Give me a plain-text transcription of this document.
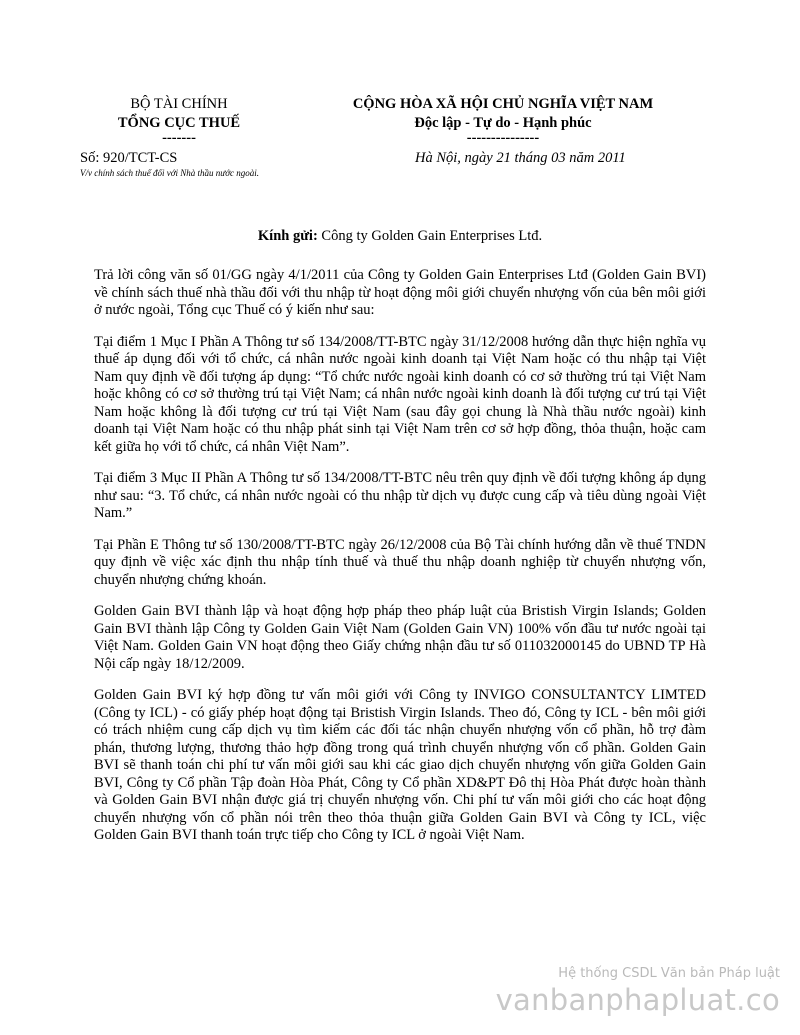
BỘ TÀI CHÍNH
TỔNG CỤC THUẾ
-------
CỘNG HÒA XÃ HỘI CHỦ NGHĨA VIỆT NAM
Độc lập - Tự do - Hạnh phúc
---------------
Số: 920/TCT-CS	Hà Nội, ngày 21 tháng 03 năm 2011
V/v chính sách thuế đối với Nhà thầu nước ngoài.
Kính gửi: Công ty Golden Gain Enterprises Ltđ.

Trả lời công văn số 01/GG ngày 4/1/2011 của Công ty Golden Gain Enterprises Ltđ (Golden Gain BVI) về chính sách thuế nhà thầu đối với thu nhập từ hoạt động môi giới chuyển nhượng vốn của bên môi giới ở nước ngoài, Tổng cục Thuế có ý kiến như sau:

Tại điểm 1 Mục I Phần A Thông tư số 134/2008/TT-BTC ngày 31/12/2008 hướng dẫn thực hiện nghĩa vụ thuế áp dụng đối với tổ chức, cá nhân nước ngoài kinh doanh tại Việt Nam hoặc có thu nhập tại Việt Nam quy định về đối tượng áp dụng: “Tổ chức nước ngoài kinh doanh có cơ sở thường trú tại Việt Nam hoặc không có cơ sở thường trú tại Việt Nam; cá nhân nước ngoài kinh doanh là đối tượng cư trú tại Việt Nam hoặc không là đối tượng cư trú tại Việt Nam (sau đây gọi chung là Nhà thầu nước ngoài) kinh doanh tại Việt Nam hoặc có thu nhập phát sinh tại Việt Nam trên cơ sở hợp đồng, thỏa thuận, hoặc cam kết giữa họ với tổ chức, cá nhân Việt Nam”.

Tại điểm 3 Mục II Phần A Thông tư số 134/2008/TT-BTC nêu trên quy định về đối tượng không áp dụng như sau: “3. Tổ chức, cá nhân nước ngoài có thu nhập từ dịch vụ được cung cấp và tiêu dùng ngoài Việt Nam.”

Tại Phần E Thông tư số 130/2008/TT-BTC ngày 26/12/2008 của Bộ Tài chính hướng dẫn về thuế TNDN quy định về việc xác định thu nhập tính thuế và thuế thu nhập doanh nghiệp từ chuyển nhượng vốn, chuyển nhượng chứng khoán.

Golden Gain BVI thành lập và hoạt động hợp pháp theo pháp luật của Bristish Virgin Islands; Golden Gain BVI thành lập Công ty Golden Gain Việt Nam (Golden Gain VN) 100% vốn đầu tư nước ngoài tại Việt Nam. Golden Gain VN hoạt động theo Giấy chứng nhận đầu tư số 011032000145 do UBND TP Hà Nội cấp ngày 18/12/2009.

Golden Gain BVI ký hợp đồng tư vấn môi giới với Công ty INVIGO CONSULTANTCY LIMTED (Công ty ICL) - có giấy phép hoạt động tại Bristish Virgin Islands. Theo đó, Công ty ICL - bên môi giới có trách nhiệm cung cấp dịch vụ tìm kiếm các đối tác nhận chuyển nhượng vốn cổ phần, hỗ trợ đàm phán, thương lượng, thương thảo hợp đồng trong quá trình chuyển nhượng vốn cổ phần. Golden Gain BVI sẽ thanh toán chi phí tư vấn môi giới sau khi các giao dịch chuyển nhượng vốn giữa Golden Gain BVI, Công ty Cổ phần Tập đoàn Hòa Phát, Công ty Cổ phần XD&PT Đô thị Hòa Phát được hoàn thành và Golden Gain BVI nhận được giá trị chuyển nhượng vốn. Chi phí tư vấn môi giới cho các hoạt động chuyển nhượng vốn cổ phần nói trên theo thỏa thuận giữa Golden Gain BVI và Công ty ICL, việc Golden Gain BVI thanh toán trực tiếp cho Công ty ICL ở ngoài Việt Nam.

Hệ thống CSDL Văn bản Pháp luật
vanbanphapluat.co
